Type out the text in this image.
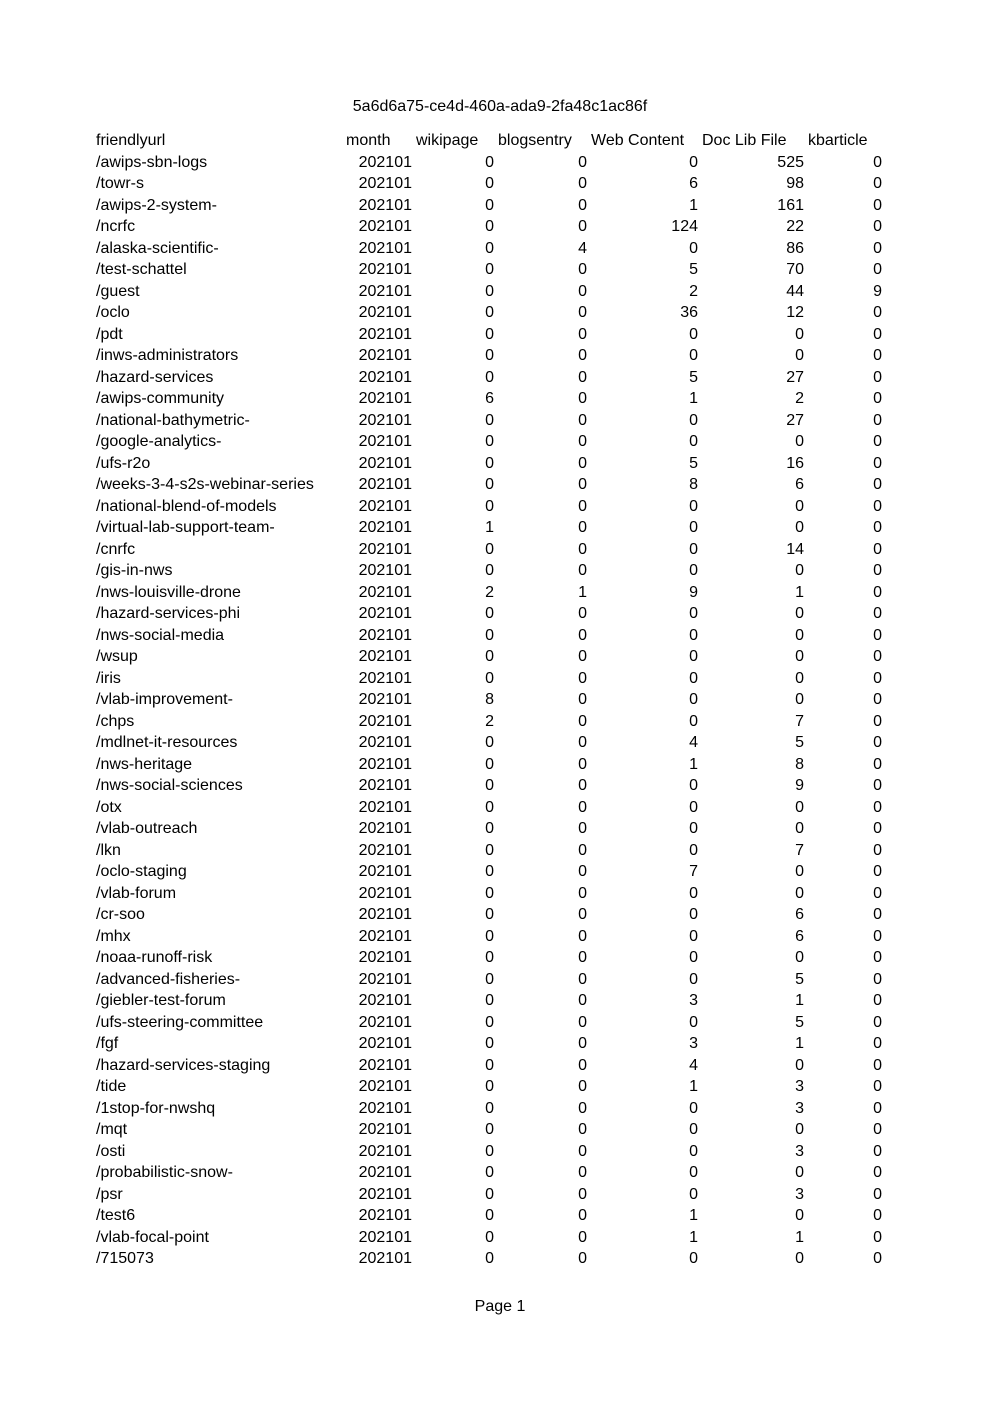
5a6d6a75-ce4d-460a-ada9-2fa48c1ac86f
friendlyurl	month	wikipage	blogsentry	Web Content	Doc Lib File	kbarticle
/awips-sbn-logs	202101	0	0	0	525	0
/towr-s	202101	0	0	6	98	0
/awips-2-system-	202101	0	0	1	161	0
/ncrfc	202101	0	0	124	22	0
/alaska-scientific-	202101	0	4	0	86	0
/test-schattel	202101	0	0	5	70	0
/guest	202101	0	0	2	44	9
/oclo	202101	0	0	36	12	0
/pdt	202101	0	0	0	0	0
/inws-administrators	202101	0	0	0	0	0
/hazard-services	202101	0	0	5	27	0
/awips-community	202101	6	0	1	2	0
/national-bathymetric-	202101	0	0	0	27	0
/google-analytics-	202101	0	0	0	0	0
/ufs-r2o	202101	0	0	5	16	0
/weeks-3-4-s2s-webinar-series	202101	0	0	8	6	0
/national-blend-of-models	202101	0	0	0	0	0
/virtual-lab-support-team-	202101	1	0	0	0	0
/cnrfc	202101	0	0	0	14	0
/gis-in-nws	202101	0	0	0	0	0
/nws-louisville-drone	202101	2	1	9	1	0
/hazard-services-phi	202101	0	0	0	0	0
/nws-social-media	202101	0	0	0	0	0
/wsup	202101	0	0	0	0	0
/iris	202101	0	0	0	0	0
/vlab-improvement-	202101	8	0	0	0	0
/chps	202101	2	0	0	7	0
/mdlnet-it-resources	202101	0	0	4	5	0
/nws-heritage	202101	0	0	1	8	0
/nws-social-sciences	202101	0	0	0	9	0
/otx	202101	0	0	0	0	0
/vlab-outreach	202101	0	0	0	0	0
/lkn	202101	0	0	0	7	0
/oclo-staging	202101	0	0	7	0	0
/vlab-forum	202101	0	0	0	0	0
/cr-soo	202101	0	0	0	6	0
/mhx	202101	0	0	0	6	0
/noaa-runoff-risk	202101	0	0	0	0	0
/advanced-fisheries-	202101	0	0	0	5	0
/giebler-test-forum	202101	0	0	3	1	0
/ufs-steering-committee	202101	0	0	0	5	0
/fgf	202101	0	0	3	1	0
/hazard-services-staging	202101	0	0	4	0	0
/tide	202101	0	0	1	3	0
/1stop-for-nwshq	202101	0	0	0	3	0
/mqt	202101	0	0	0	0	0
/osti	202101	0	0	0	3	0
/probabilistic-snow-	202101	0	0	0	0	0
/psr	202101	0	0	0	3	0
/test6	202101	0	0	1	0	0
/vlab-focal-point	202101	0	0	1	1	0
/715073	202101	0	0	0	0	0
Page 1
